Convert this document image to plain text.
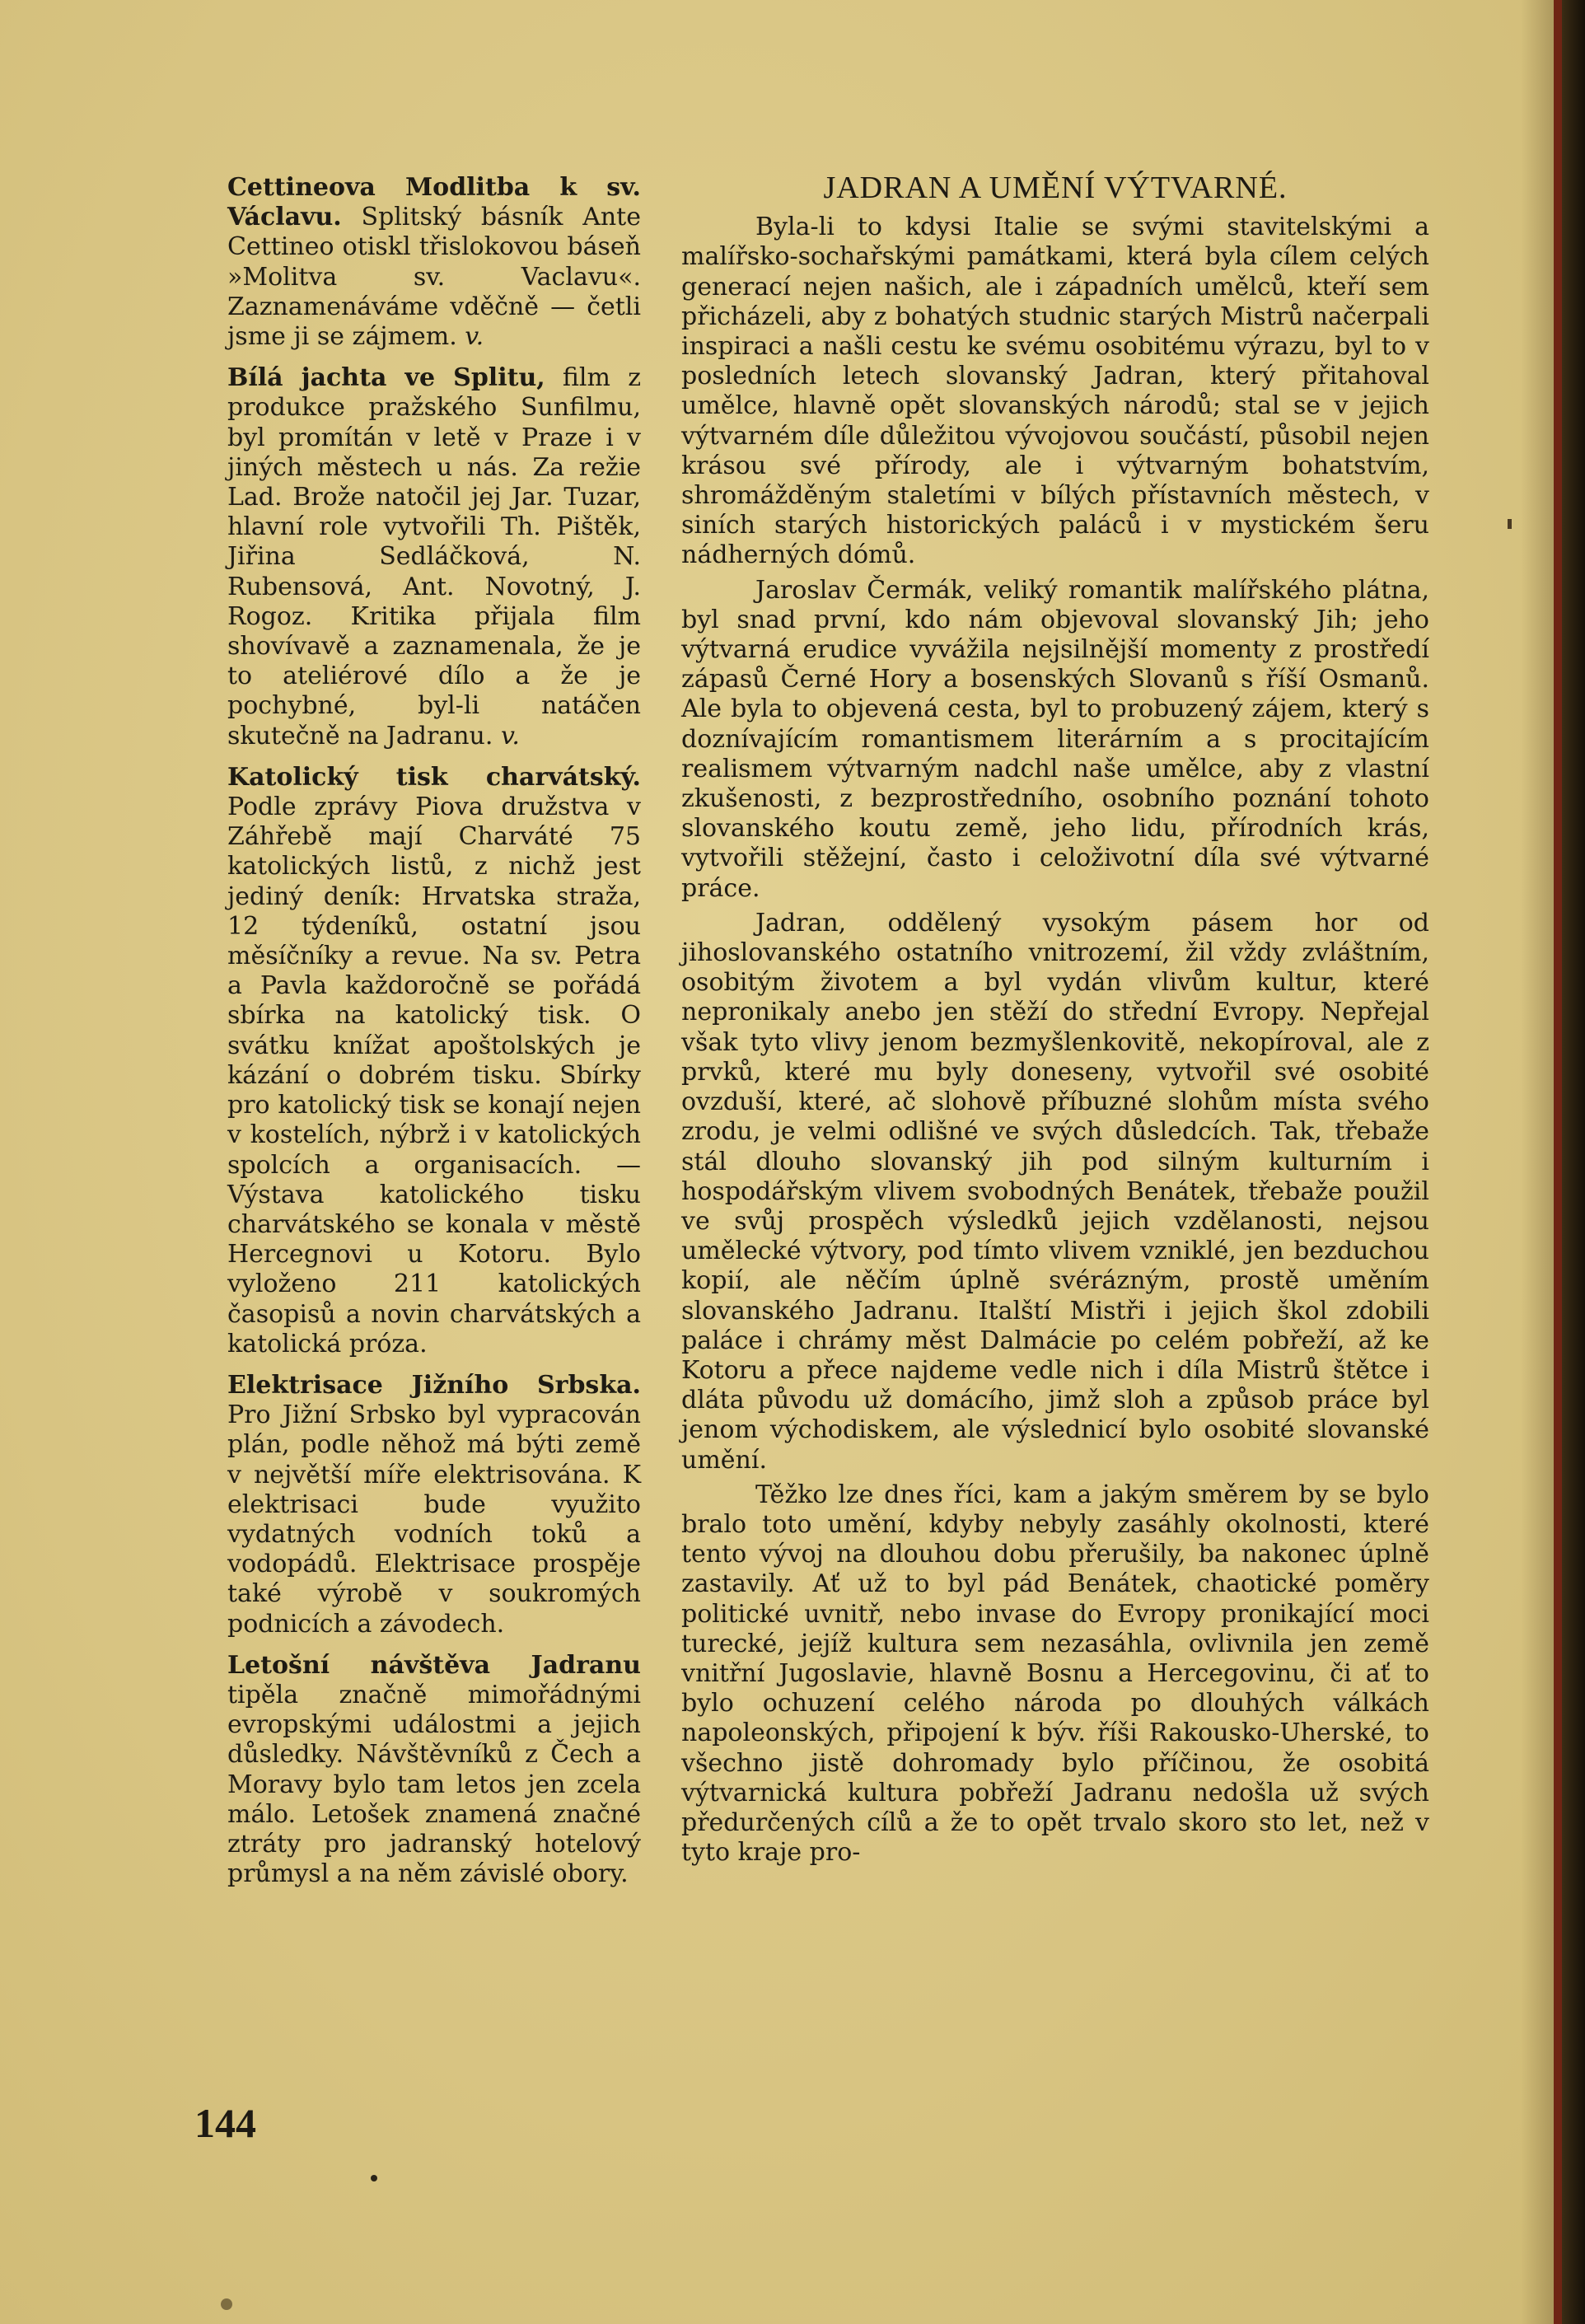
Cettineova Modlitba k sv. Václavu. Splitský básník Ante Cettineo otiskl třislokovou báseň »Molitva sv. Vaclavu«. Zaznamenáváme vděčně — četli jsme ji se zájmem. v.

Bílá jachta ve Splitu, film z produkce pražského Sunfilmu, byl promítán v letě v Praze i v jiných městech u nás. Za režie Lad. Brože natočil jej Jar. Tuzar, hlavní role vytvořili Th. Pištěk, Jiřina Sedláčková, N. Rubensová, Ant. Novotný, J. Rogoz. Kritika přijala film shovívavě a zaznamenala, že je to ateliérové dílo a že je pochybné, byl-li natáčen skutečně na Jadranu. v.

Katolický tisk charvátský. Podle zprávy Piova družstva v Záhřebě mají Charváté 75 katolických listů, z nichž jest jediný deník: Hrvatska straža, 12 týdeníků, ostatní jsou měsíčníky a revue. Na sv. Petra a Pavla každoročně se pořádá sbírka na katolický tisk. O svátku knížat apoštolských je kázání o dobrém tisku. Sbírky pro katolický tisk se konají nejen v kostelích, nýbrž i v katolických spolcích a organisacích. — Výstava katolického tisku charvátského se konala v městě Hercegnovi u Kotoru. Bylo vyloženo 211 katolických časopisů a novin charvátských a katolická próza.

Elektrisace Jižního Srbska. Pro Jižní Srbsko byl vypracován plán, podle něhož má býti země v největší míře elektrisována. K elektrisaci bude využito vydatných vodních toků a vodopádů. Elektrisace prospěje také výrobě v soukromých podnicích a závodech.

Letošní návštěva Jadranu tipěla značně mimořádnými evropskými událostmi a jejich důsledky. Návštěvníků z Čech a Moravy bylo tam letos jen zcela málo. Letošek znamená značné ztráty pro jadranský hotelový průmysl a na něm závislé obory.

JADRAN A UMĚNÍ VÝTVARNÉ.

Byla-li to kdysi Italie se svými stavitelskými a malířsko-sochařskými památkami, která byla cílem celých generací nejen našich, ale i západních umělců, kteří sem přicházeli, aby z bohatých studnic starých Mistrů načerpali inspiraci a našli cestu ke svému osobitému výrazu, byl to v posledních letech slovanský Jadran, který přitahoval umělce, hlavně opět slovanských národů; stal se v jejich výtvarném díle důležitou vývojovou součástí, působil nejen krásou své přírody, ale i výtvarným bohatstvím, shromážděným staletími v bílých přístavních městech, v siních starých historických paláců i v mystickém šeru nádherných dómů.

Jaroslav Čermák, veliký romantik malířského plátna, byl snad první, kdo nám objevoval slovanský Jih; jeho výtvarná erudice vyvážila nejsilnější momenty z prostředí zápasů Černé Hory a bosenských Slovanů s říší Osmanů. Ale byla to objevená cesta, byl to probuzený zájem, který s doznívajícím romantismem literárním a s procitajícím realismem výtvarným nadchl naše umělce, aby z vlastní zkušenosti, z bezprostředního, osobního poznání tohoto slovanského koutu země, jeho lidu, přírodních krás, vytvořili stěžejní, často i celoživotní díla své výtvarné práce.

Jadran, oddělený vysokým pásem hor od jihoslovanského ostatního vnitrozemí, žil vždy zvláštním, osobitým životem a byl vydán vlivům kultur, které nepronikaly anebo jen stěží do střední Evropy. Nepřejal však tyto vlivy jenom bezmyšlenkovitě, nekopíroval, ale z prvků, které mu byly doneseny, vytvořil své osobité ovzduší, které, ač slohově příbuzné slohům místa svého zrodu, je velmi odlišné ve svých důsledcích. Tak, třebaže stál dlouho slovanský jih pod silným kulturním i hospodářským vlivem svobodných Benátek, třebaže použil ve svůj prospěch výsledků jejich vzdělanosti, nejsou umělecké výtvory, pod tímto vlivem vzniklé, jen bezduchou kopií, ale něčím úplně svérázným, prostě uměním slovanského Jadranu. Italští Mistři i jejich škol zdobili paláce i chrámy měst Dalmácie po celém pobřeží, až ke Kotoru a přece najdeme vedle nich i díla Mistrů štětce i dláta původu už domácího, jimž sloh a způsob práce byl jenom východiskem, ale výslednicí bylo osobité slovanské umění.

Těžko lze dnes říci, kam a jakým směrem by se bylo bralo toto umění, kdyby nebyly zasáhly okolnosti, které tento vývoj na dlouhou dobu přerušily, ba nakonec úplně zastavily. Ať už to byl pád Benátek, chaotické poměry politické uvnitř, nebo invase do Evropy pronikající moci turecké, jejíž kultura sem nezasáhla, ovlivnila jen země vnitřní Jugoslavie, hlavně Bosnu a Hercegovinu, či ať to bylo ochuzení celého národa po dlouhých válkách napoleonských, připojení k býv. říši Rakousko-Uherské, to všechno jistě dohromady bylo příčinou, že osobitá výtvarnická kultura pobřeží Jadranu nedošla už svých předurčených cílů a že to opět trvalo skoro sto let, než v tyto kraje pro-

144
